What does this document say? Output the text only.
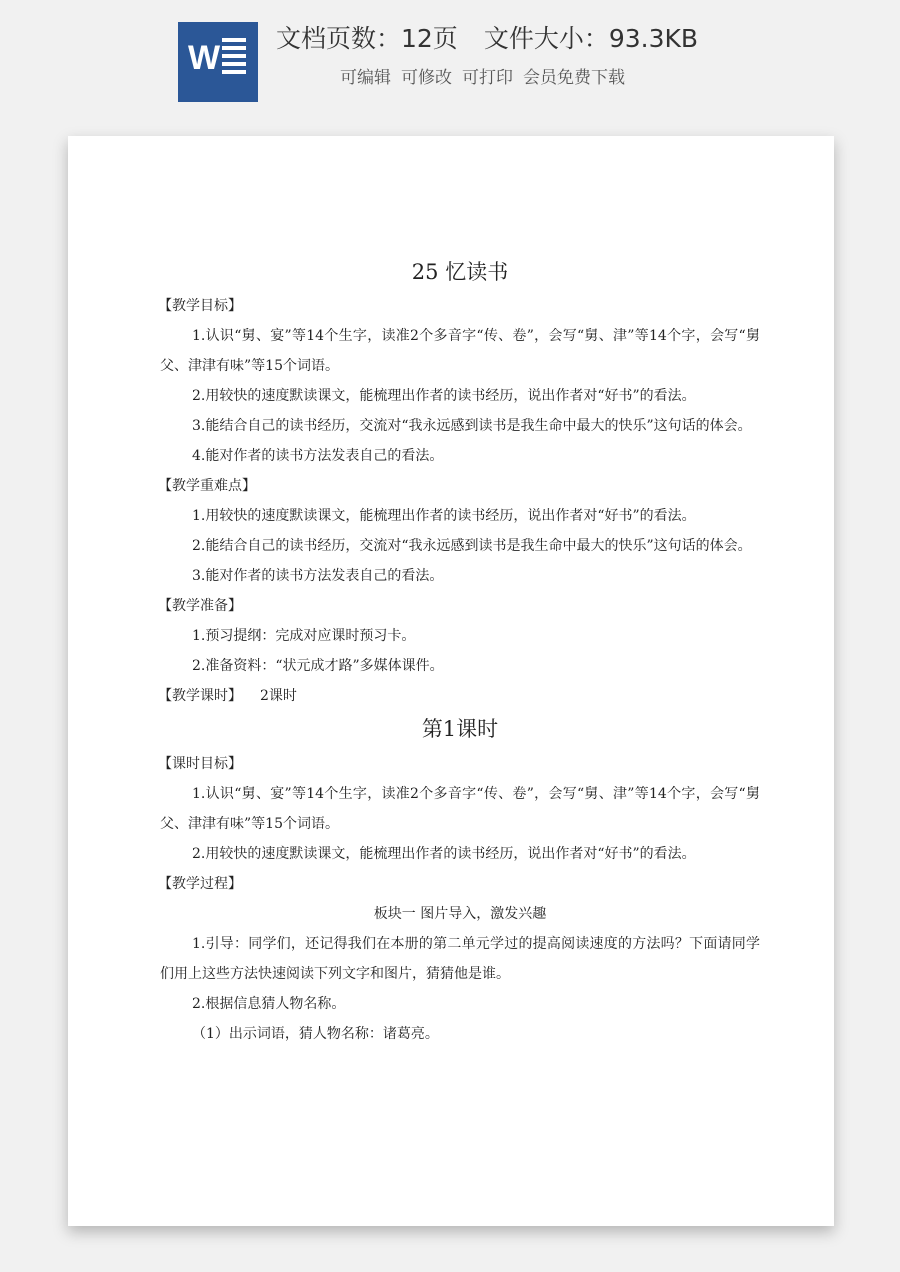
W
文档页数：12页 文件大小：93.3KB
可编辑 可修改 可打印 会员免费下载
25 忆读书

【教学目标】

1.认识“舅、宴”等14个生字，读准2个多音字“传、卷”，会写“舅、津”等14个字，会写“舅父、津津有味”等15个词语。

2.用较快的速度默读课文，能梳理出作者的读书经历，说出作者对“好书”的看法。

3.能结合自己的读书经历，交流对“我永远感到读书是我生命中最大的快乐”这句话的体会。

4.能对作者的读书方法发表自己的看法。

【教学重难点】

1.用较快的速度默读课文，能梳理出作者的读书经历，说出作者对“好书”的看法。

2.能结合自己的读书经历，交流对“我永远感到读书是我生命中最大的快乐”这句话的体会。

3.能对作者的读书方法发表自己的看法。

【教学准备】

1.预习提纲：完成对应课时预习卡。

2.准备资料：“状元成才路”多媒体课件。

【教学课时】 2课时

第1课时

【课时目标】

1.认识“舅、宴”等14个生字，读准2个多音字“传、卷”，会写“舅、津”等14个字，会写“舅父、津津有味”等15个词语。

2.用较快的速度默读课文，能梳理出作者的读书经历，说出作者对“好书”的看法。

【教学过程】

板块一 图片导入，激发兴趣

1.引导：同学们，还记得我们在本册的第二单元学过的提高阅读速度的方法吗？下面请同学们用上这些方法快速阅读下列文字和图片，猜猜他是谁。

2.根据信息猜人物名称。

（1）出示词语，猜人物名称：诸葛亮。
